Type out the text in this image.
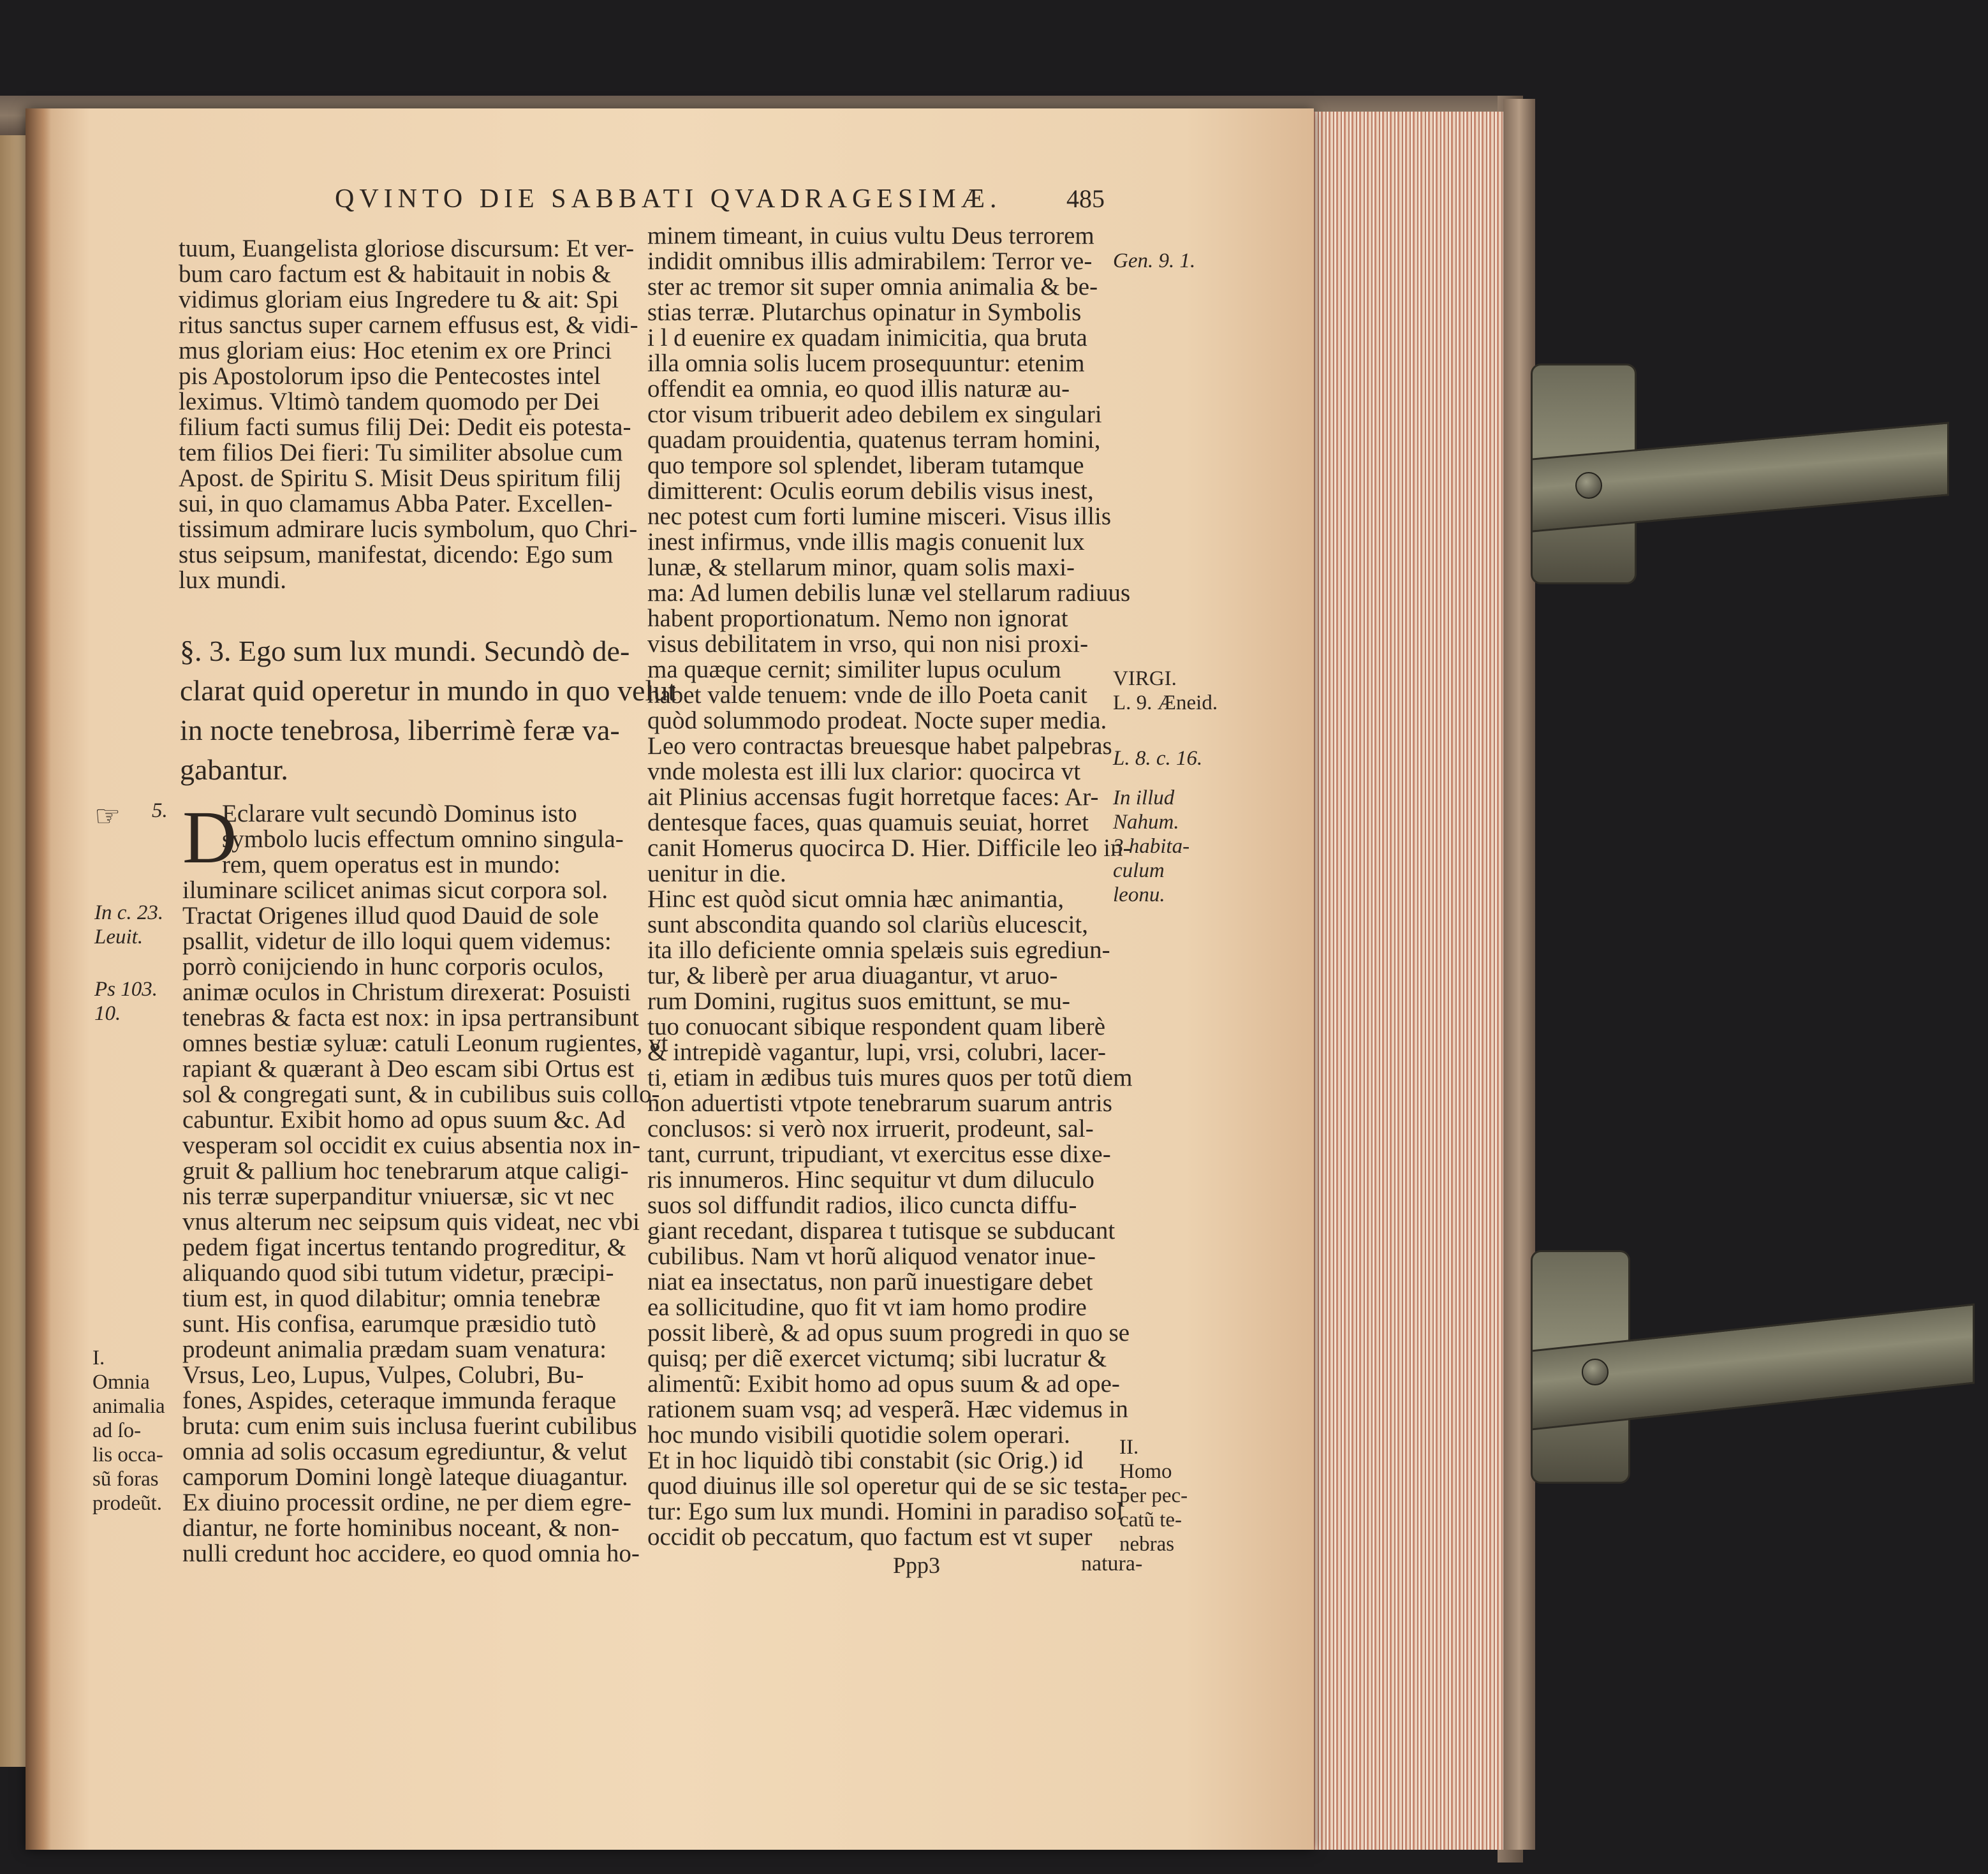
QVINTO DIE SABBATI QVADRAGESIMÆ.	485
tuum, Euangelista gloriose discursum: Et ver-
bum caro factum est & habitauit in nobis &
vidimus gloriam eius Ingredere tu & ait: Spi
ritus sanctus super carnem effusus est, & vidi-
mus gloriam eius: Hoc etenim ex ore Princi
pis Apostolorum ipso die Pentecostes intel
leximus. Vltimò tandem quomodo per Dei
filium facti sumus filij Dei: Dedit eis potesta-
tem filios Dei fieri: Tu similiter absolue cum
Apost. de Spiritu S. Misit Deus spiritum filij
sui, in quo clamamus Abba Pater. Excellen-
tissimum admirare lucis symbolum, quo Chri-
stus seipsum, manifestat, dicendo: Ego sum
lux mundi.
§. 3. Ego sum lux mundi. Secundò de-
clarat quid operetur in mundo in quo velut
in nocte tenebrosa, liberrimè feræ va-
gabantur.
D
Eclarare vult secundò Dominus isto
symbolo lucis effectum omnino singula-
rem, quem operatus est in mundo:
iluminare scilicet animas sicut corpora sol.
Tractat Origenes illud quod Dauid de sole
psallit, videtur de illo loqui quem videmus:
porrò conijciendo in hunc corporis oculos,
animæ oculos in Christum direxerat: Posuisti
tenebras & facta est nox: in ipsa pertransibunt
omnes bestiæ syluæ: catuli Leonum rugientes, vt
rapiant & quærant à Deo escam sibi Ortus est
sol & congregati sunt, & in cubilibus suis collo-
cabuntur. Exibit homo ad opus suum &c. Ad
vesperam sol occidit ex cuius absentia nox in-
gruit & pallium hoc tenebrarum atque caligi-
nis terræ superpanditur vniuersæ, sic vt nec
vnus alterum nec seipsum quis videat, nec vbi
pedem figat incertus tentando progreditur, &
aliquando quod sibi tutum videtur, præcipi-
tium est, in quod dilabitur; omnia tenebræ
sunt. His confisa, earumque præsidio tutò
prodeunt animalia prædam suam venatura:
Vrsus, Leo, Lupus, Vulpes, Colubri, Bu-
fones, Aspides, ceteraque immunda feraque
bruta: cum enim suis inclusa fuerint cubilibus
omnia ad solis occasum egrediuntur, & velut
camporum Domini longè lateque diuagantur.
Ex diuino processit ordine, ne per diem egre-
diantur, ne forte hominibus noceant, & non-
nulli credunt hoc accidere, eo quod omnia ho-
minem timeant, in cuius vultu Deus terrorem
indidit omnibus illis admirabilem: Terror ve-
ster ac tremor sit super omnia animalia & be-
stias terræ. Plutarchus opinatur in Symbolis
i l d euenire ex quadam inimicitia, qua bruta
illa omnia solis lucem prosequuntur: etenim
offendit ea omnia, eo quod illis naturæ au-
ctor visum tribuerit adeo debilem ex singulari
quadam prouidentia, quatenus terram homini,
quo tempore sol splendet, liberam tutamque
dimitterent: Oculis eorum debilis visus inest,
nec potest cum forti lumine misceri. Visus illis
inest infirmus, vnde illis magis conuenit lux
lunæ, & stellarum minor, quam solis maxi-
ma: Ad lumen debilis lunæ vel stellarum radiuus
habent proportionatum. Nemo non ignorat
visus debilitatem in vrso, qui non nisi proxi-
ma quæque cernit; similiter lupus oculum
habet valde tenuem: vnde de illo Poeta canit
quòd solummodo prodeat. Nocte super media.
Leo vero contractas breuesque habet palpebras
vnde molesta est illi lux clarior: quocirca vt
ait Plinius accensas fugit horretque faces: Ar-
dentesque faces, quas quamuis seuiat, horret
canit Homerus quocirca D. Hier. Difficile leo in-
uenitur in die.
Hinc est quòd sicut omnia hæc animantia,
sunt abscondita quando sol clariùs elucescit,
ita illo deficiente omnia spelæis suis egrediun-
tur, & liberè per arua diuagantur, vt aruo-
rum Domini, rugitus suos emittunt, se mu-
tuo conuocant sibique respondent quam liberè
& intrepidè vagantur, lupi, vrsi, colubri, lacer-
ti, etiam in ædibus tuis mures quos per totũ diem
non aduertisti vtpote tenebrarum suarum antris
conclusos: si verò nox irruerit, prodeunt, sal-
tant, currunt, tripudiant, vt exercitus esse dixe-
ris innumeros. Hinc sequitur vt dum diluculo
suos sol diffundit radios, ilico cuncta diffu-
giant recedant, disparea t tutisque se subducant
cubilibus. Nam vt horũ aliquod venator inue-
niat ea insectatus, non parũ inuestigare debet
ea sollicitudine, quo fit vt iam homo prodire
possit liberè, & ad opus suum progredi in quo se
quisq; per diẽ exercet victumq; sibi lucratur &
alimentũ: Exibit homo ad opus suum & ad ope-
rationem suam vsq; ad vesperã. Hæc videmus in
hoc mundo visibili quotidie solem operari.
Et in hoc liquidò tibi constabit (sic Orig.) id
quod diuinus ille sol operetur qui de se sic testa-
tur: Ego sum lux mundi. Homini in paradiso sol
occidit ob peccatum, quo factum est vt super
☞
Gen. 9. 1.
VIRGI.
L. 9. Æneid.
L. 8. c. 16.
In illud
Nahum.
3 habita-
culum
leonu.
5.
In c. 23.
Leuit.
Ps 103.
10.
I.
Omnia
animalia
ad ſo-
lis occa-
sũ foras
prodeũt.
II.
Homo
per pec-
catũ te-
nebras
Ppp3	natura-
